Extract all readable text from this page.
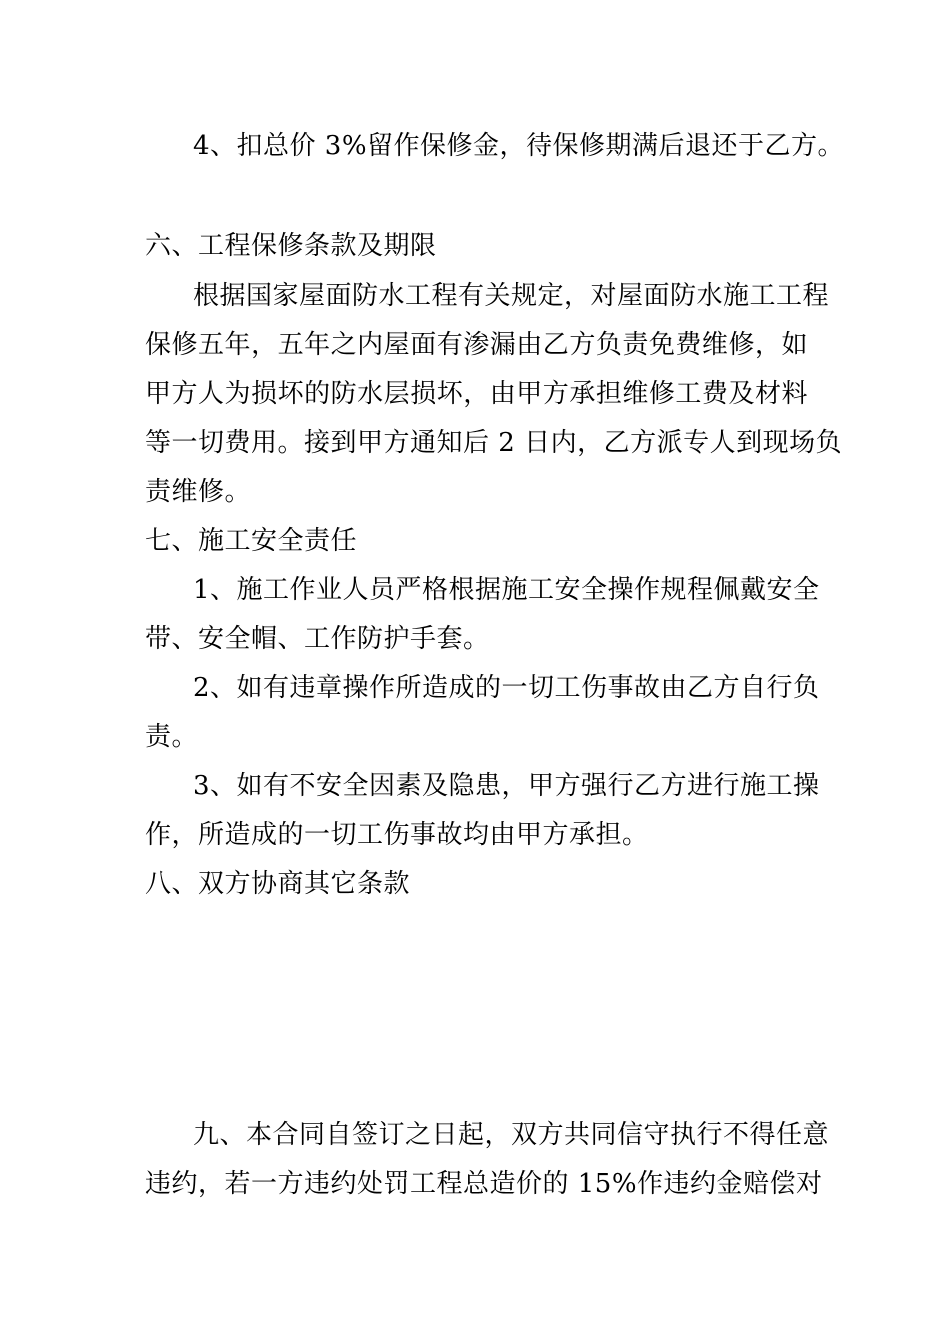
4、扣总价 3%留作保修金，待保修期满后退还于乙方。
六、工程保修条款及期限
根据国家屋面防水工程有关规定，对屋面防水施工工程
保修五年，五年之内屋面有渗漏由乙方负责免费维修，如
甲方人为损坏的防水层损坏，由甲方承担维修工费及材料
等一切费用。接到甲方通知后 2 日内，乙方派专人到现场负
责维修。
七、施工安全责任
1、施工作业人员严格根据施工安全操作规程佩戴安全
带、安全帽、工作防护手套。
2、如有违章操作所造成的一切工伤事故由乙方自行负
责。
3、如有不安全因素及隐患，甲方强行乙方进行施工操
作，所造成的一切工伤事故均由甲方承担。
八、双方协商其它条款
九、本合同自签订之日起，双方共同信守执行不得任意
违约，若一方违约处罚工程总造价的 15%作违约金赔偿对
